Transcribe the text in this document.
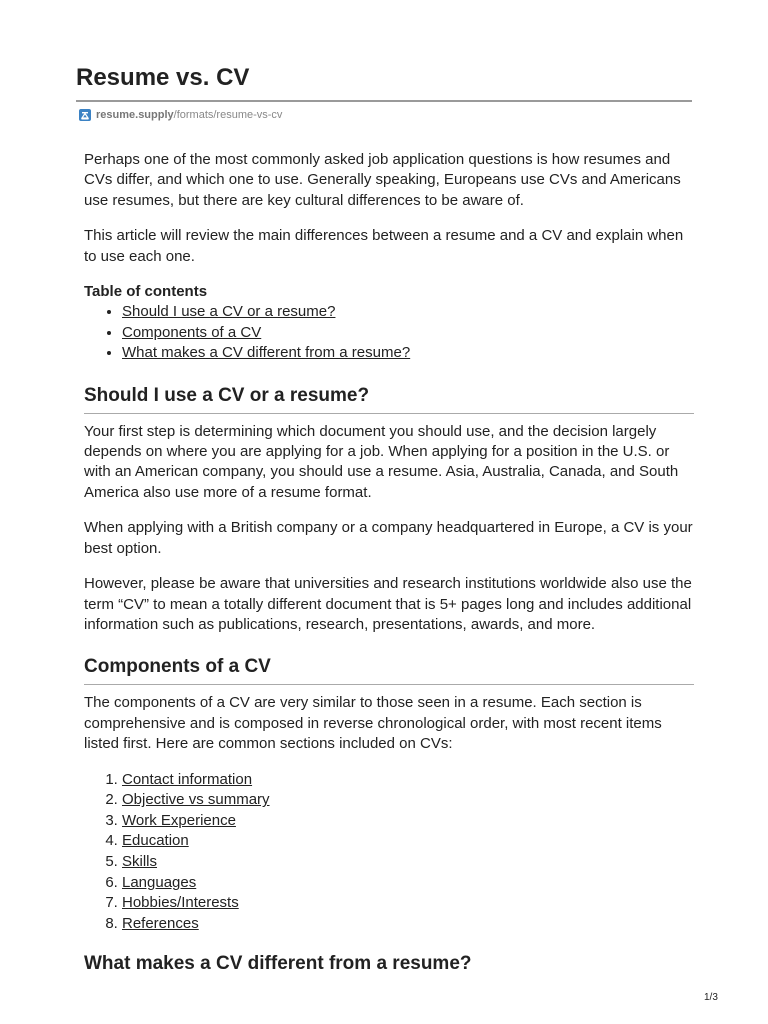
Resume vs. CV
resume.supply /formats/resume-vs-cv

Perhaps one of the most commonly asked job application questions is how resumes and CVs differ, and which one to use. Generally speaking, Europeans use CVs and Americans use resumes, but there are key cultural differences to be aware of.

This article will review the main differences between a resume and a CV and explain when to use each one.

Table of contents
• Should I use a CV or a resume?
• Components of a CV
• What makes a CV different from a resume?
Should I use a CV or a resume?

Your first step is determining which document you should use, and the decision largely depends on where you are applying for a job. When applying for a position in the U.S. or with an American company, you should use a resume. Asia, Australia, Canada, and South America also use more of a resume format.

When applying with a British company or a company headquartered in Europe, a CV is your best option.

However, please be aware that universities and research institutions worldwide also use the term “CV” to mean a totally different document that is 5+ pages long and includes additional information such as publications, research, presentations, awards, and more.

Components of a CV

The components of a CV are very similar to those seen in a resume. Each section is comprehensive and is composed in reverse chronological order, with most recent items listed first. Here are common sections included on CVs:

1. Contact information
2. Objective vs summary
3. Work Experience
4. Education
5. Skills
6. Languages
7. Hobbies/Interests
8. References
What makes a CV different from a resume?
1/3
